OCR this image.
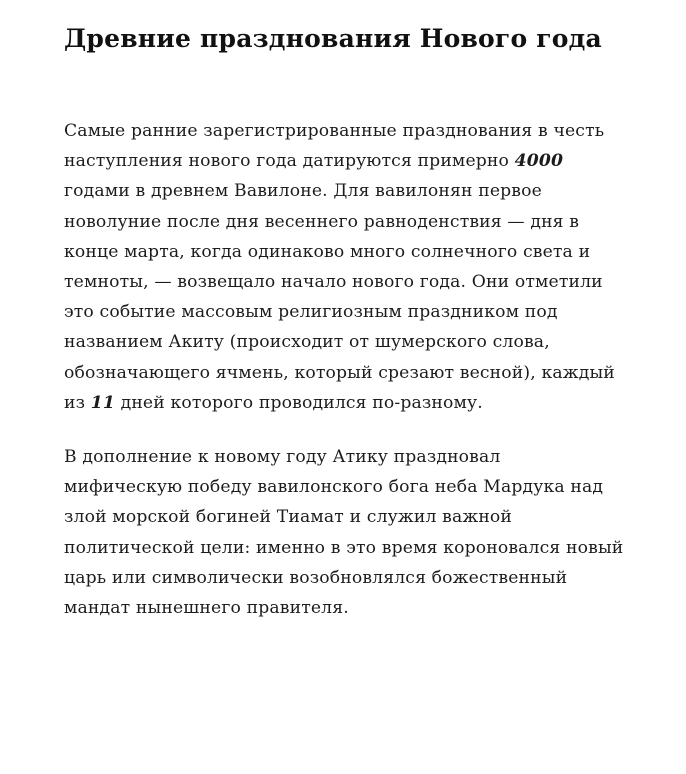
Древние празднования Нового года

Самые ранние зарегистрированные празднования в честь наступления нового года датируются примерно 4000 годами в древнем Вавилоне. Для вавилонян первое новолуние после дня весеннего равноденствия — дня в конце марта, когда одинаково много солнечного света и темноты, — возвещало начало нового года. Они отметили это событие массовым религиозным праздником под названием Акиту (происходит от шумерского слова, обозначающего ячмень, который срезают весной), каждый из 11 дней которого проводился по-разному.

В дополнение к новому году Атику праздновал мифическую победу вавилонского бога неба Мардука над злой морской богиней Тиамат и служил важной политической цели: именно в это время короновался новый царь или символически возобновлялся божественный мандат нынешнего правителя.
